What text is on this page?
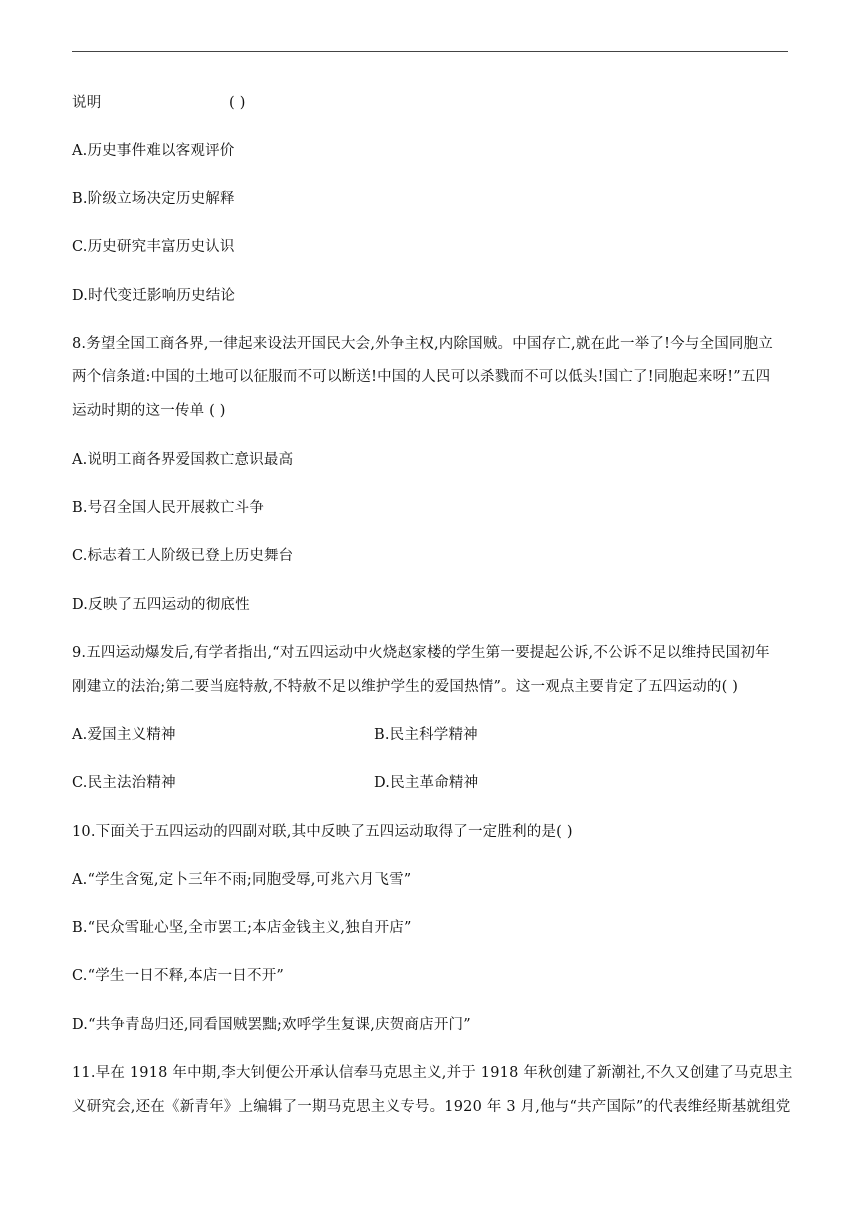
说明	( )
A.历史事件难以客观评价
B.阶级立场决定历史解释
C.历史研究丰富历史认识
D.时代变迁影响历史结论
8.务望全国工商各界,一律起来设法开国民大会,外争主权,内除国贼。中国存亡,就在此一举了!今与全国同胞立
两个信条道:中国的土地可以征服而不可以断送!中国的人民可以杀戮而不可以低头!国亡了!同胞起来呀!”五四
运动时期的这一传单 ( )
A.说明工商各界爱国救亡意识最高
B.号召全国人民开展救亡斗争
C.标志着工人阶级已登上历史舞台
D.反映了五四运动的彻底性
9.五四运动爆发后,有学者指出,“对五四运动中火烧赵家楼的学生第一要提起公诉,不公诉不足以维持民国初年
刚建立的法治;第二要当庭特赦,不特赦不足以维护学生的爱国热情”。这一观点主要肯定了五四运动的( )
A.爱国主义精神	B.民主科学精神
C.民主法治精神	D.民主革命精神
10.下面关于五四运动的四副对联,其中反映了五四运动取得了一定胜利的是( )
A.“学生含冤,定卜三年不雨;同胞受辱,可兆六月飞雪”
B.“民众雪耻心坚,全市罢工;本店金钱主义,独自开店”
C.“学生一日不释,本店一日不开”
D.“共争青岛归还,同看国贼罢黜;欢呼学生复课,庆贺商店开门”
11.早在 1918 年中期,李大钊便公开承认信奉马克思主义,并于 1918 年秋创建了新潮社,不久又创建了马克思主
义研究会,还在《新青年》上编辑了一期马克思主义专号。1920 年 3 月,他与“共产国际”的代表维经斯基就组党
